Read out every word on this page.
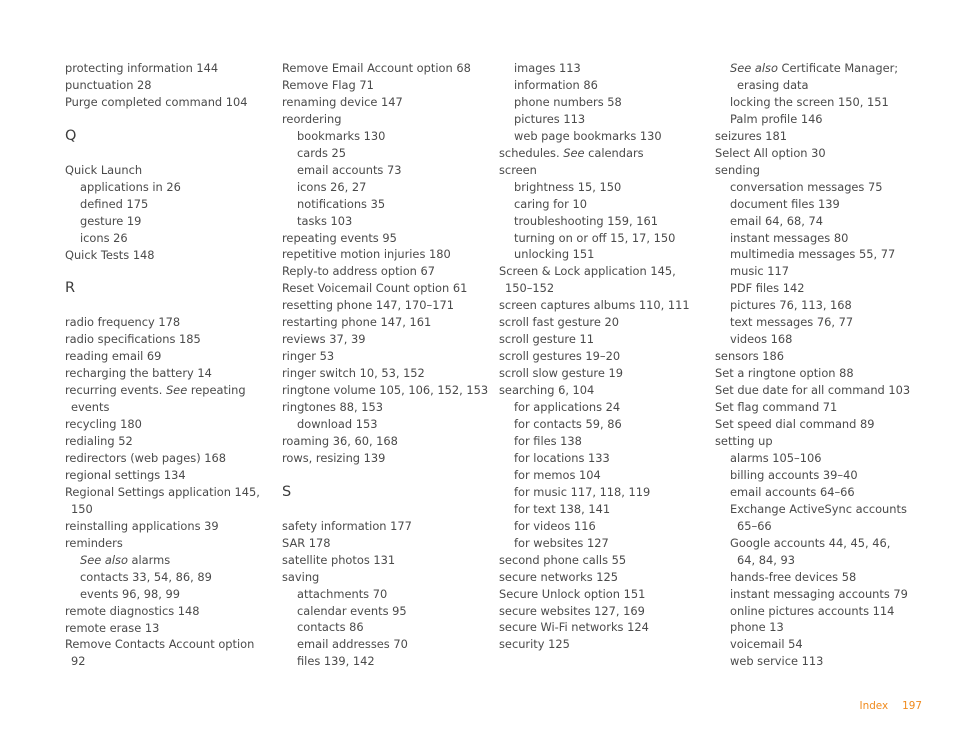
protecting information 144
punctuation 28
Purge completed command 104
Q
Quick Launch
applications in 26
defined 175
gesture 19
icons 26
Quick Tests 148
R
radio frequency 178
radio specifications 185
reading email 69
recharging the battery 14
recurring events. See repeating
events
recycling 180
redialing 52
redirectors (web pages) 168
regional settings 134
Regional Settings application 145,
150
reinstalling applications 39
reminders
See also alarms
contacts 33, 54, 86, 89
events 96, 98, 99
remote diagnostics 148
remote erase 13
Remove Contacts Account option
92
Remove Email Account option 68
Remove Flag 71
renaming device 147
reordering
bookmarks 130
cards 25
email accounts 73
icons 26, 27
notifications 35
tasks 103
repeating events 95
repetitive motion injuries 180
Reply-to address option 67
Reset Voicemail Count option 61
resetting phone 147, 170–171
restarting phone 147, 161
reviews 37, 39
ringer 53
ringer switch 10, 53, 152
ringtone volume 105, 106, 152, 153
ringtones 88, 153
download 153
roaming 36, 60, 168
rows, resizing 139
S
safety information 177
SAR 178
satellite photos 131
saving
attachments 70
calendar events 95
contacts 86
email addresses 70
files 139, 142
images 113
information 86
phone numbers 58
pictures 113
web page bookmarks 130
schedules. See calendars
screen
brightness 15, 150
caring for 10
troubleshooting 159, 161
turning on or off 15, 17, 150
unlocking 151
Screen & Lock application 145,
150–152
screen captures albums 110, 111
scroll fast gesture 20
scroll gesture 11
scroll gestures 19–20
scroll slow gesture 19
searching 6, 104
for applications 24
for contacts 59, 86
for files 138
for locations 133
for memos 104
for music 117, 118, 119
for text 138, 141
for videos 116
for websites 127
second phone calls 55
secure networks 125
Secure Unlock option 151
secure websites 127, 169
secure Wi-Fi networks 124
security 125
See also Certificate Manager;
erasing data
locking the screen 150, 151
Palm profile 146
seizures 181
Select All option 30
sending
conversation messages 75
document files 139
email 64, 68, 74
instant messages 80
multimedia messages 55, 77
music 117
PDF files 142
pictures 76, 113, 168
text messages 76, 77
videos 168
sensors 186
Set a ringtone option 88
Set due date for all command 103
Set flag command 71
Set speed dial command 89
setting up
alarms 105–106
billing accounts 39–40
email accounts 64–66
Exchange ActiveSync accounts
65–66
Google accounts 44, 45, 46,
64, 84, 93
hands-free devices 58
instant messaging accounts 79
online pictures accounts 114
phone 13
voicemail 54
web service 113
Index 197
